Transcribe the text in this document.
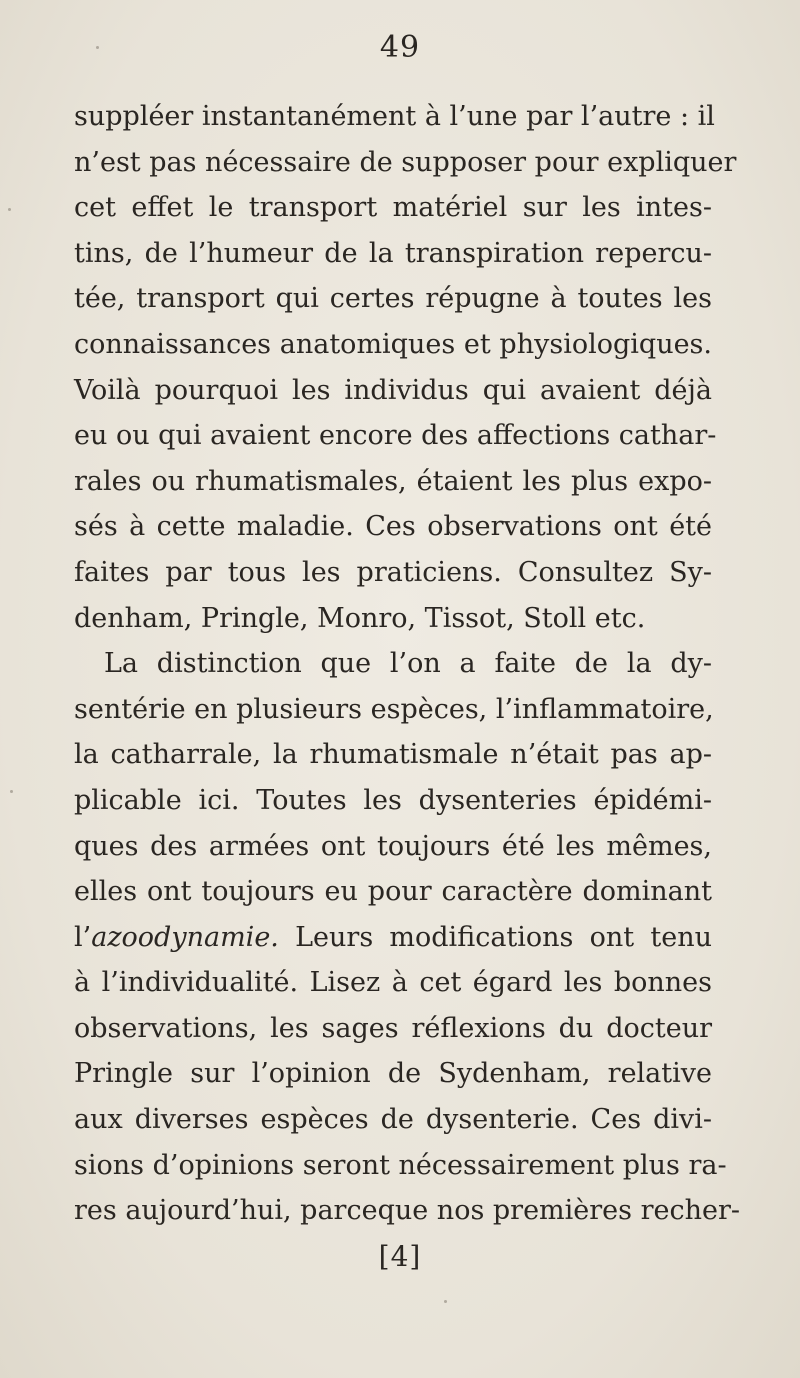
49
suppléer instantanément à l’une par l’autre : il
n’est pas nécessaire de supposer pour expliquer
cet effet le transport matériel sur les intes-
tins, de l’humeur de la transpiration repercu-
tée, transport qui certes répugne à toutes les
connaissances anatomiques et physiologiques.
Voilà pourquoi les individus qui avaient déjà
eu ou qui avaient encore des affections cathar-
rales ou rhumatismales, étaient les plus expo-
sés à cette maladie. Ces observations ont été
faites par tous les praticiens. Consultez Sy-
denham, Pringle, Monro, Tissot, Stoll etc.
La distinction que l’on a faite de la dy-
sentérie en plusieurs espèces, l’inflammatoire,
la catharrale, la rhumatismale n’était pas ap-
plicable ici. Toutes les dysenteries épidémi-
ques des armées ont toujours été les mêmes,
elles ont toujours eu pour caractère dominant
l’azoodynamie. Leurs modifications ont tenu
à l’individualité. Lisez à cet égard les bonnes
observations, les sages réflexions du docteur
Pringle sur l’opinion de Sydenham, relative
aux diverses espèces de dysenterie. Ces divi-
sions d’opinions seront nécessairement plus ra-
res aujourd’hui, parceque nos premières recher-
[4]
